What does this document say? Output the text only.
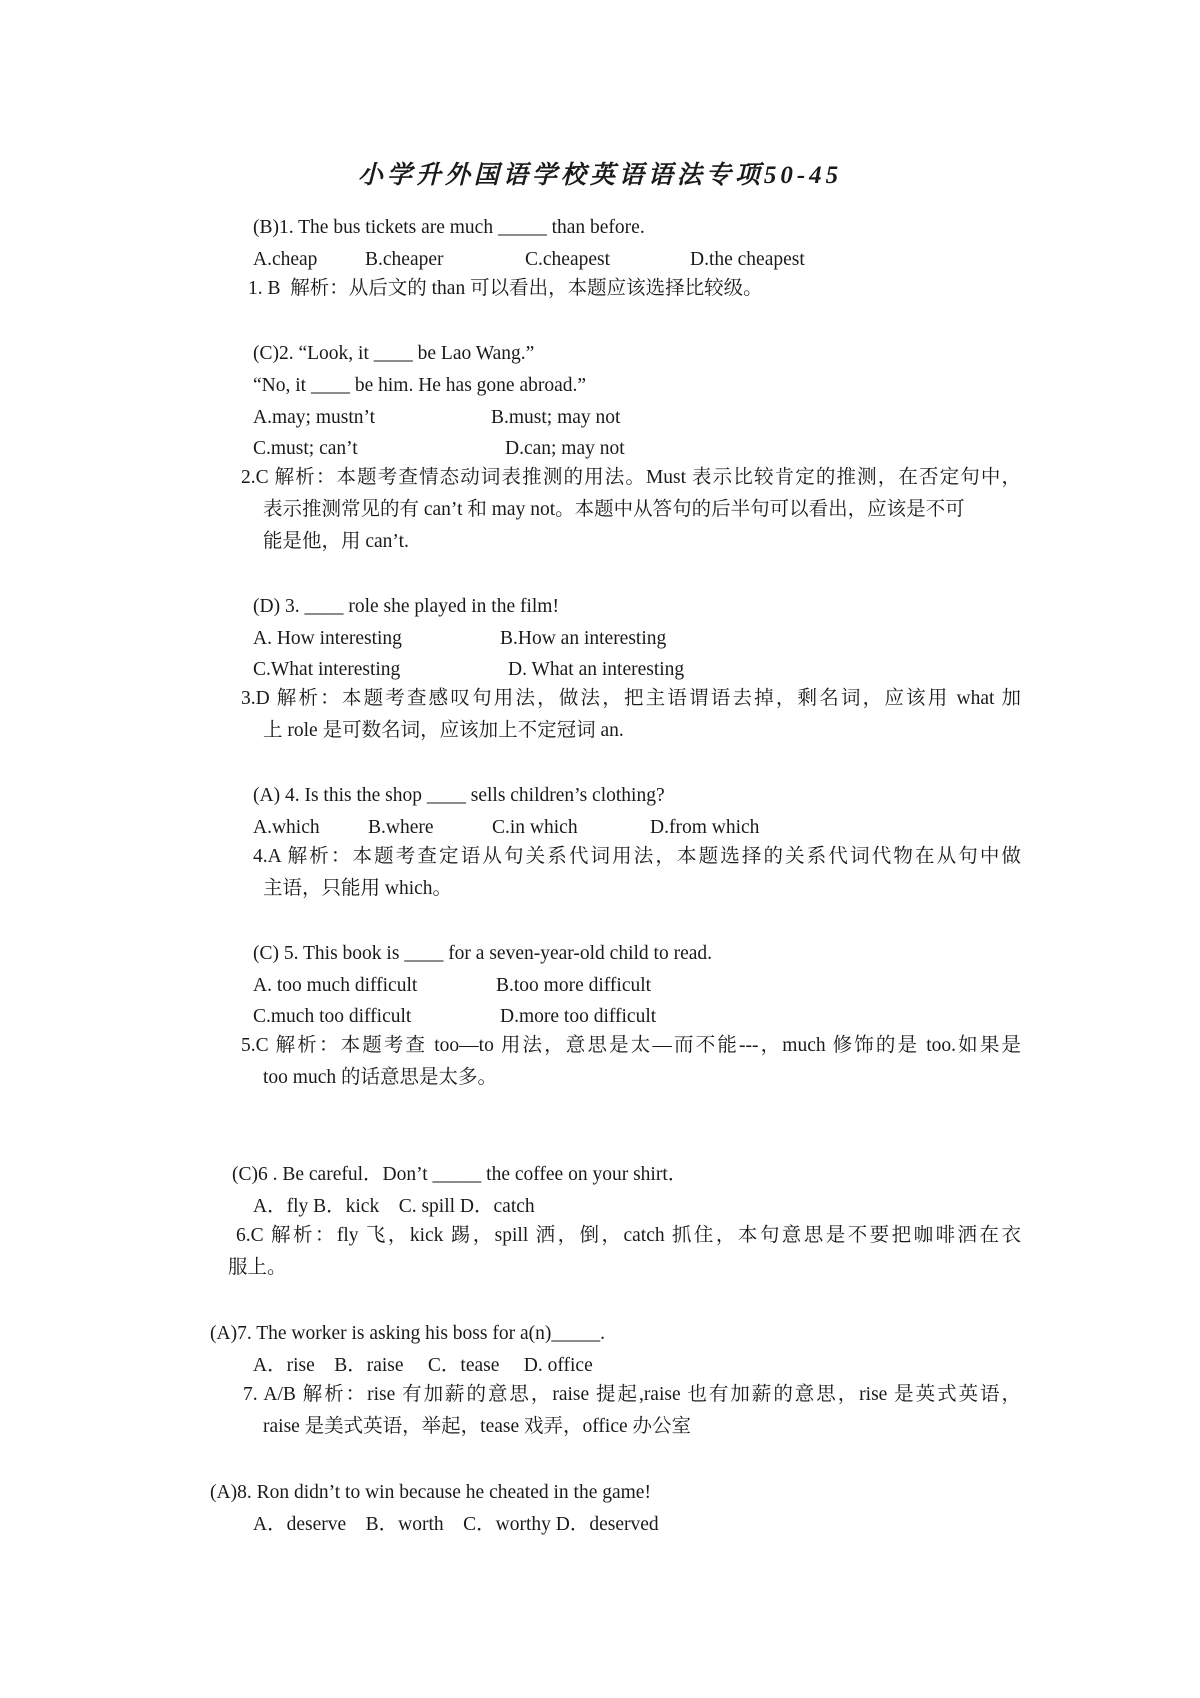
小学升外国语学校英语语法专项50-45
(B)1. The bus tickets are much _____ than before.
A.cheap B.cheaper	C.cheapest	D.the cheapest
1. B  解析：从后文的 than 可以看出，本题应该选择比较级。
(C)2. “Look, it ____ be Lao Wang.”
“No, it ____ be him. He has gone abroad.”
A.may; mustn’t	B.must; may not
C.must; can’t	D.can; may not
2.C 解析：本题考查情态动词表推测的用法。Must 表示比较肯定的推测，在否定句中，
表示推测常见的有 can’t 和 may not。本题中从答句的后半句可以看出，应该是不可
能是他，用 can’t.
(D) 3. ____ role she played in the film!
A. How interesting	B.How an interesting
C.What interesting	D. What an interesting
3.D 解析：本题考查感叹句用法，做法，把主语谓语去掉，剩名词，应该用 what 加
上 role 是可数名词，应该加上不定冠词 an.
(A) 4. Is this the shop ____ sells children’s clothing?
A.which B.where	C.in which	D.from which
4.A 解析：本题考查定语从句关系代词用法，本题选择的关系代词代物在从句中做
主语，只能用 which。
(C) 5. This book is ____ for a seven-year-old child to read.
A. too much difficult	B.too more difficult
C.much too difficult	D.more too difficult
5.C 解析：本题考查 too—to 用法，意思是太—而不能---，much 修饰的是 too.如果是
too much 的话意思是太多。
(C)6 . Be careful．Don’t _____ the coffee on your shirt．
A．fly B．kick    C. spill D．catch
6.C 解析：fly 飞，kick 踢，spill 洒，倒，catch 抓住，本句意思是不要把咖啡洒在衣
服上。
(A)7. The worker is asking his boss for a(n)_____.
A．rise    B．raise     C．tease     D. office
7. A/B 解析：rise 有加薪的意思，raise 提起,raise 也有加薪的意思，rise 是英式英语，
raise 是美式英语，举起，tease 戏弄，office 办公室
(A)8. Ron didn’t to win because he cheated in the game!
A．deserve    B．worth    C．worthy D．deserved
